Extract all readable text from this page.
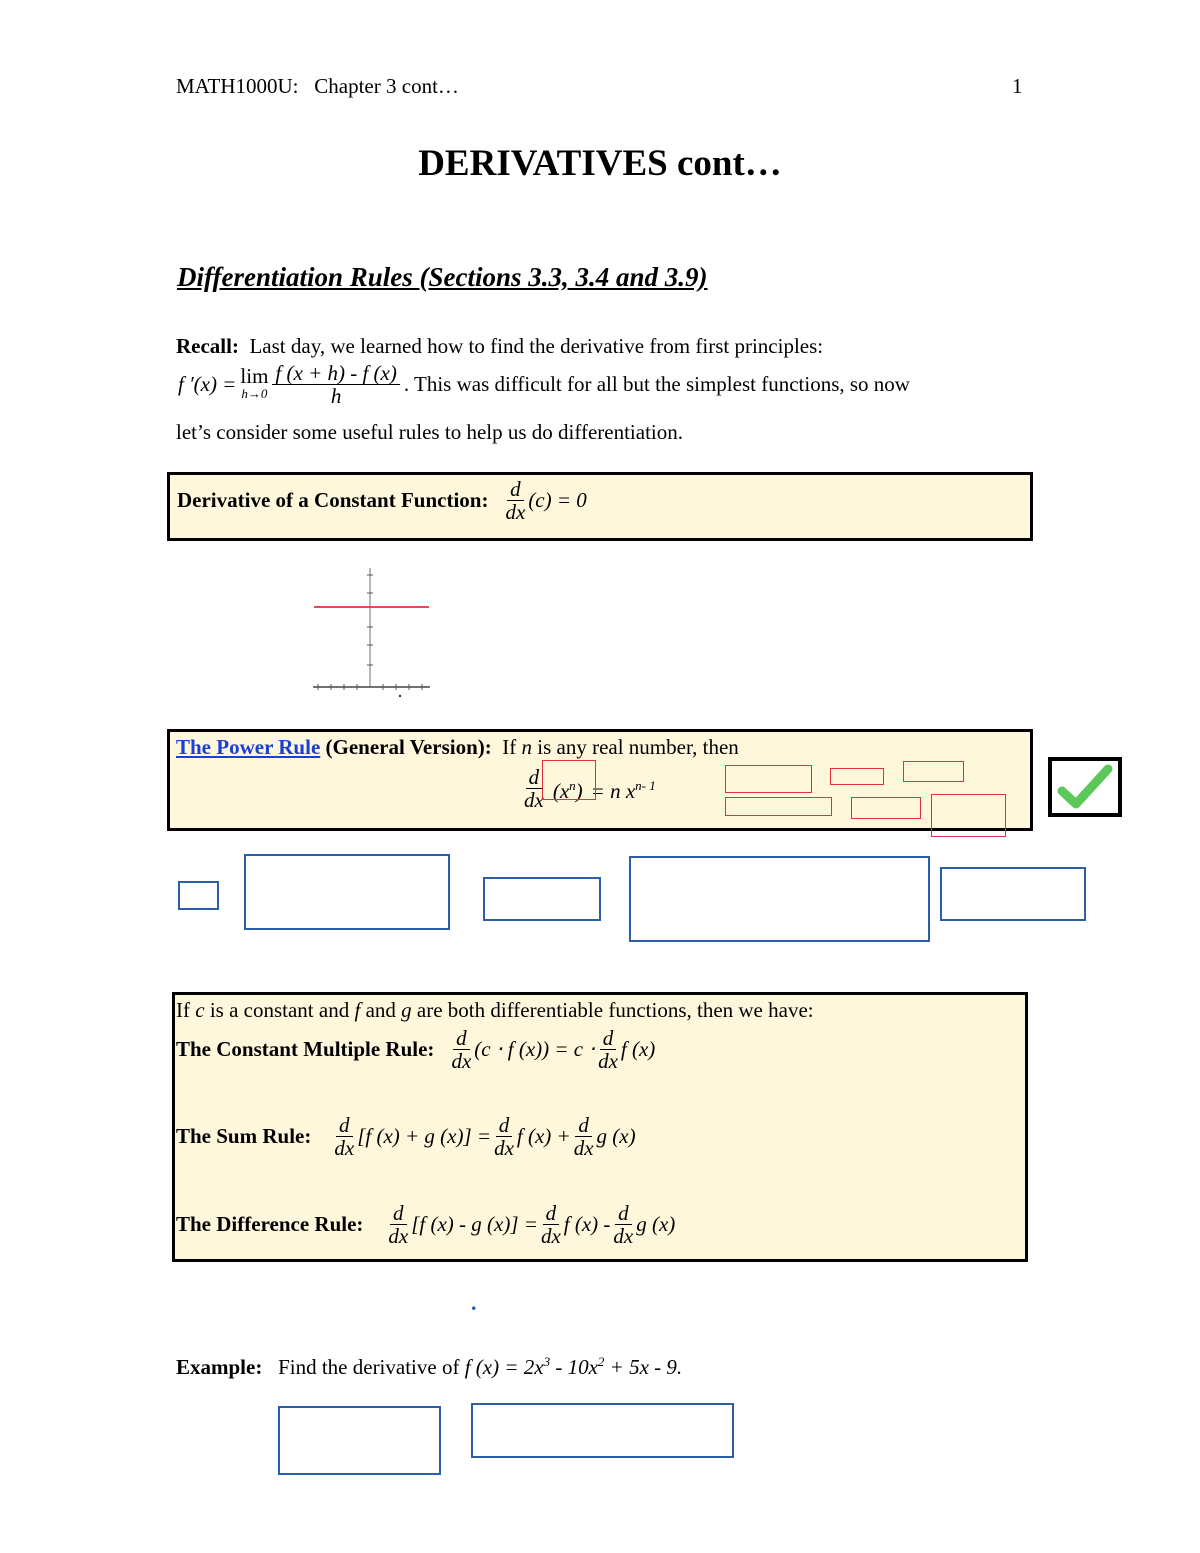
MATH1000U: Chapter 3 cont…	1
DERIVATIVES cont…
Differentiation Rules (Sections 3.3, 3.4 and 3.9)
Recall: Last day, we learned how to find the derivative from first principles:
f ′(x) = lim
$h\to 0 \frac{f (x + h) - f (x)}{h}$ . This was difficult for all but the simplest functions, so now
let’s consider some useful rules to help us do differentiation.
Derivative of a Constant Function: $\frac{d}{dx} (c) = 0$
The Power Rule (General Version): If n is any real number, then
$\frac{d}{dx} (x^n) = n$ $x^{n- 1}$
If c is a constant and f and g are both differentiable functions, then we have:
The Constant Multiple Rule: $\frac{d}{dx} (c \cdot f$ $(x)) = c \cdot \frac{d}{dx}$ f (x)
The Sum Rule: $\frac{d}{dx} [f$ (x) + g $(x)] = \frac{d}{dx}$ f $(x) + \frac{d}{dx}$ g (x)
The Difference Rule: $\frac{d}{dx} [f$ (x) - g $(x)] = \frac{d}{dx}$ f $(x) - \frac{d}{dx}$ g (x)
.
Example: Find the derivative of f $(x) = 2x^3 - 10x^2 + 5x - 9$.
